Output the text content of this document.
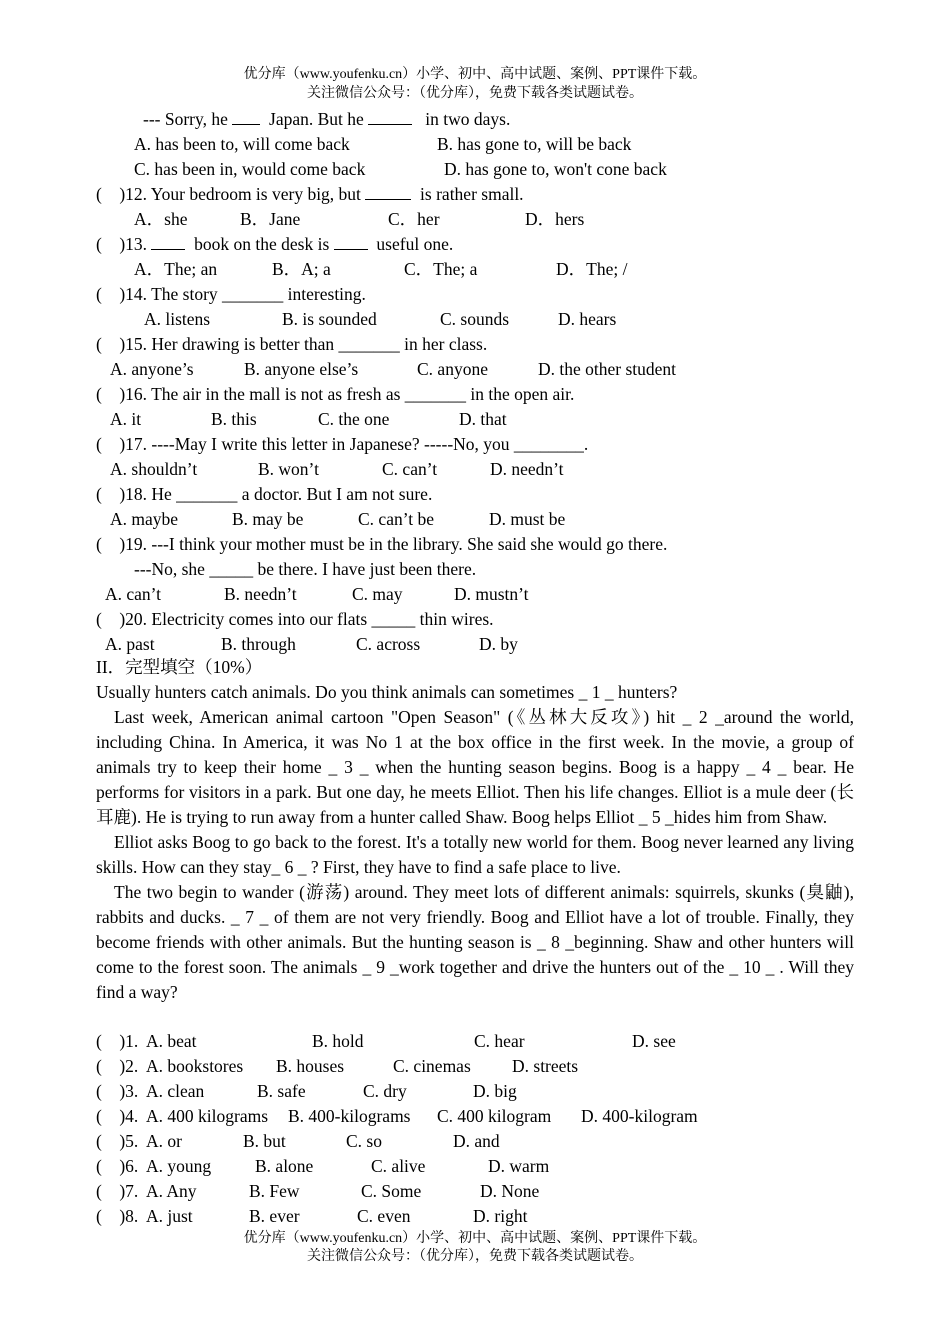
优分库（www.youfenku.cn）小学、初中、高中试题、案例、PPT课件下载。
关注微信公众号：（优分库），免费下载各类试题试卷。
--- Sorry, he Japan. But he	in two days.
A. has been to, will come back	B. has gone to, will be back
C. has been in, would come back	D. has gone to, won't cone back
(    )12. Your bedroom is very big, but	is rather small.
A．she	B．Jane	C．her	D．hers
(    )13.	book on the desk is	useful one.
A．The; an	B．A; a	C．The; a	D．The; /
(    )14. The story _______ interesting.
A. listens	B. is sounded	C. sounds	D. hears
(    )15. Her drawing is better than _______ in her class.
A. anyone’s	B. anyone else’s	C. anyone	D. the other student
(    )16. The air in the mall is not as fresh as _______ in the open air.
A. it	B. this	C. the one	D. that
(    )17. ----May I write this letter in Japanese? -----No, you ________.
A. shouldn’t	B. won’t	C. can’t	D. needn’t
(    )18. He _______ a doctor. But I am not sure.
A. maybe	B. may be	C. can’t be	D. must be
(    )19. ---I think your mother must be in the library. She said she would go there.
---No, she _____ be there. I have just been there.
A. can’t	B. needn’t	C. may	D. mustn’t
(    )20. Electricity comes into our flats _____ thin wires.
A. past	B. through	C. across	D. by
II．完型填空（10%）

Usually hunters catch animals. Do you think animals can sometimes _ 1 _ hunters?

Last week, American animal cartoon "Open Season" (《丛林大反攻》) hit _ 2 _around the world, including China. In America, it was No 1 at the box office in the first week. In the movie, a group of animals try to keep their home _ 3 _ when the hunting season begins. Boog is a happy _ 4 _ bear. He performs for visitors in a park. But one day, he meets Elliot. Then his life changes. Elliot is a mule deer (长耳鹿). He is trying to run away from a hunter called Shaw. Boog helps Elliot _ 5 _hides him from Shaw.

Elliot asks Boog to go back to the forest. It's a totally new world for them. Boog never learned any living skills. How can they stay_ 6 _ ? First, they have to find a safe place to live.

The two begin to wander (游荡) around. They meet lots of different animals: squirrels, skunks (臭鼬), rabbits and ducks. _ 7 _ of them are not very friendly. Boog and Elliot have a lot of trouble. Finally, they become friends with other animals. But the hunting season is _ 8 _beginning. Shaw and other hunters will come to the forest soon. The animals _ 9 _work together and drive the hunters out of the _ 10 _ . Will they find a way?

(    )1. A. beat	B. hold	C. hear	D. see
(    )2. A. bookstores B. houses	C. cinemas D. streets
(    )3. A. clean	B. safe	C. dry	D. big
(    )4. A. 400 kilograms B. 400-kilograms C. 400 kilogram D. 400-kilogram
(    )5. A. or	B. but	C. so	D. and
(    )6. A. young	B. alone	C. alive	D. warm
(    )7. A. Any	B. Few	C. Some	D. None
(    )8. A. just	B. ever	C. even	D. right
优分库（www.youfenku.cn）小学、初中、高中试题、案例、PPT课件下载。
关注微信公众号：（优分库），免费下载各类试题试卷。
